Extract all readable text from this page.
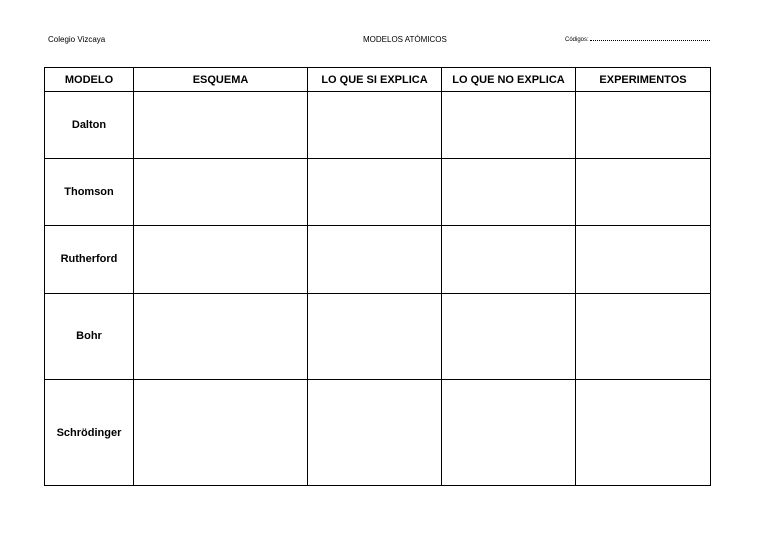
Colegio Vizcaya	MODELOS ATÓMICOS	Códigos:
MODELO	ESQUEMA	LO QUE SI EXPLICA	LO QUE NO EXPLICA	EXPERIMENTOS
Dalton				
Thomson				
Rutherford				
Bohr				
Schrödinger				
